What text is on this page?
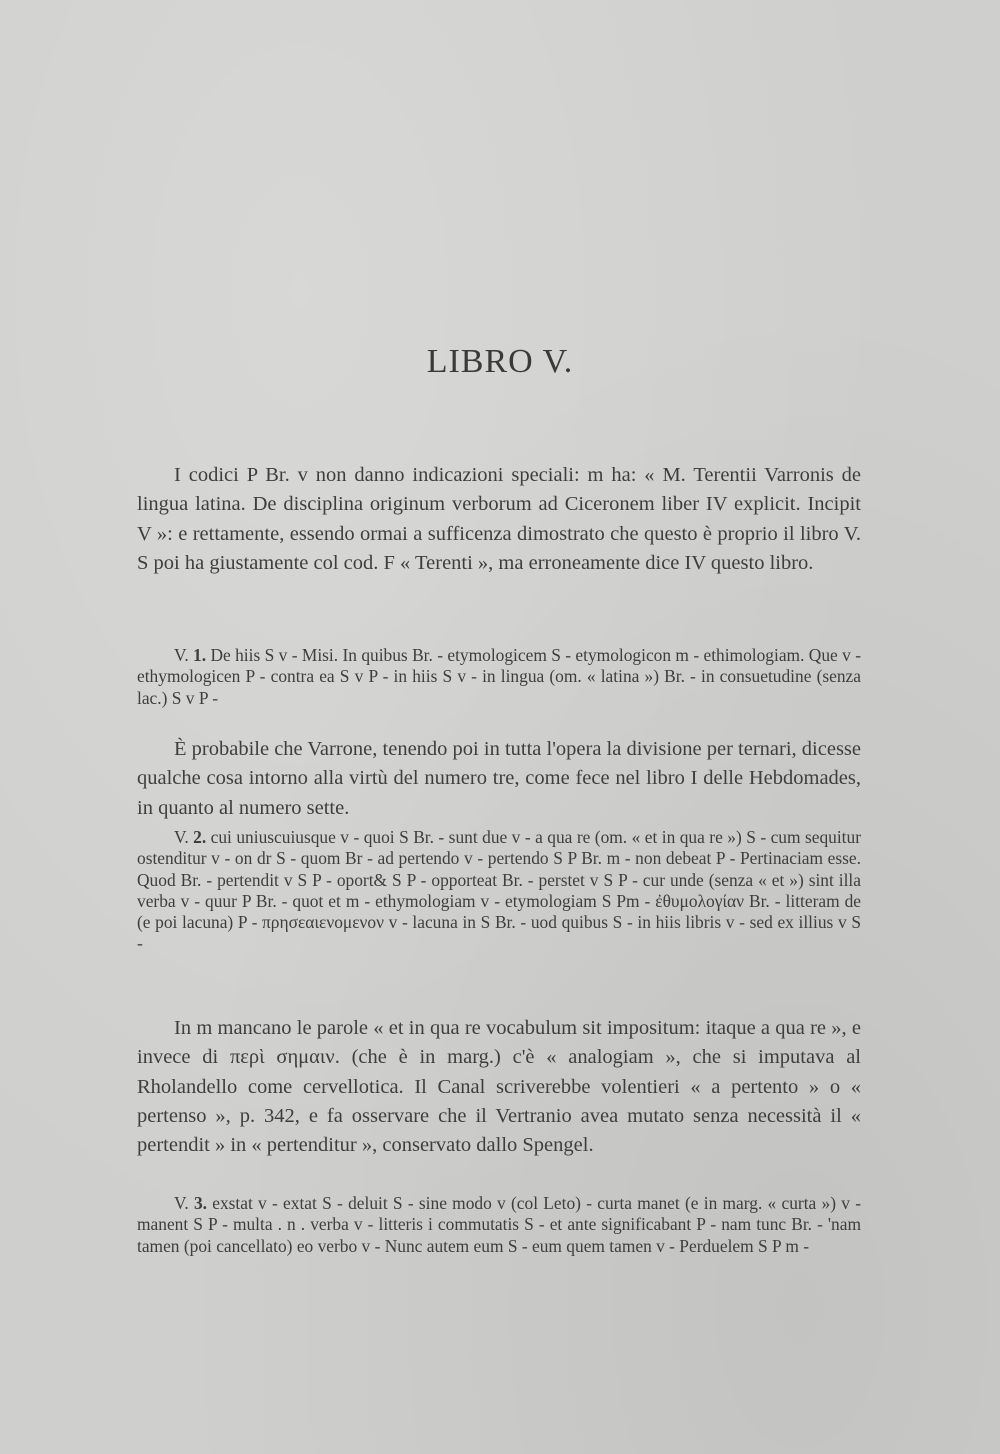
LIBRO V.

I codici P Br. v non danno indicazioni speciali: m ha: « M. Terentii Varronis de lingua latina. De disciplina originum verborum ad Ciceronem liber IV explicit. Incipit V »: e rettamente, essendo ormai a sufficenza dimostrato che questo è proprio il libro V. S poi ha giustamente col cod. F « Terenti », ma erroneamente dice IV questo libro.

V. 1. De hiis S v - Misi. In quibus Br. - etymologicem S - etymologicon m - ethimologiam. Que v - ethymologicen P - contra ea S v P - in hiis S v - in lingua (om. « latina ») Br. - in consuetudine (senza lac.) S v P -

È probabile che Varrone, tenendo poi in tutta l'opera la divisione per ternari, dicesse qualche cosa intorno alla virtù del numero tre, come fece nel libro I delle Hebdomades, in quanto al numero sette.

V. 2. cui uniuscuiusque v - quoi S Br. - sunt due v - a qua re (om. « et in qua re ») S - cum sequitur ostenditur v - on dr S - quom Br - ad pertendo v - pertendo S P Br. m - non debeat P - Pertinaciam esse. Quod Br. - pertendit v S P - oport& S P - opporteat Br. - perstet v S P - cur unde (senza « et ») sint illa verba v - quur P Br. - quot et m - ethymologiam v - etymologiam S Pm - ἐθυμολογίαν Br. - litteram de (e poi lacuna) P - πρησεαιενομενον v - lacuna in S Br. - uod quibus S - in hiis libris v - sed ex illius v S -

In m mancano le parole « et in qua re vocabulum sit impositum: itaque a qua re », e invece di περὶ σημαιν. (che è in marg.) c'è « analogiam », che si imputava al Rholandello come cervellotica. Il Canal scriverebbe volentieri « a pertento » o « pertenso », p. 342, e fa osservare che il Vertranio avea mutato senza necessità il « pertendit » in « pertenditur », conservato dallo Spengel.

V. 3. exstat v - extat S - deluit S - sine modo v (col Leto) - curta manet (e in marg. « curta ») v - manent S P - multa . n . verba v - litteris i commutatis S - et ante significabant P - nam tunc Br. - 'nam tamen (poi cancellato) eo verbo v - Nunc autem eum S - eum quem tamen v - Perduelem S P m -
